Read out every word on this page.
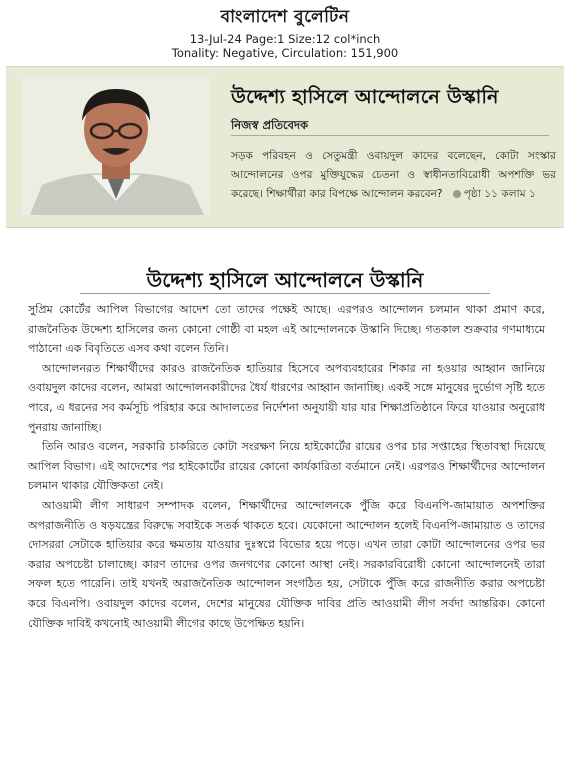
বাংলাদেশ বুলেটিন
13-Jul-24 Page:1 Size:12 col*inch
Tonality: Negative, Circulation: 151,900
উদ্দেশ্য হাসিলে আন্দোলনে উস্কানি
নিজস্ব প্রতিবেদক
সড়ক পরিবহন ও সেতুমন্ত্রী ওবায়দুল কাদের বলেছেন, কোটা সংস্কার আন্দোলনের ওপর মুক্তিযুদ্ধের চেতনা ও স্বাধীনতাবিরোধী অপশক্তি ভর করেছে। শিক্ষার্থীরা কার বিপক্ষে আন্দোলন করবেন? পৃষ্ঠা ১১ কলাম ১
উদ্দেশ্য হাসিলে আন্দোলনে উস্কানি

সুপ্রিম কোর্টের আপিল বিভাগের আদেশ তো তাদের পক্ষেই আছে। এরপরও আন্দোলন চলমান থাকা প্রমাণ করে, রাজনৈতিক উদ্দেশ্য হাসিলের জন্য কোনো গোষ্ঠী বা মহল এই আন্দোলনকে উস্কানি দিচ্ছে। গতকাল শুক্রবার গণমাধ্যমে পাঠানো এক বিবৃতিতে এসব কথা বলেন তিনি।

আন্দোলনরত শিক্ষার্থীদের কারও রাজনৈতিক হাতিয়ার হিসেবে অপব্যবহারের শিকার না হওয়ার আহ্বান জানিয়ে ওবায়দুল কাদের বলেন, আমরা আন্দোলনকারীদের ধৈর্য ধারণের আহ্বান জানাচ্ছি। একই সঙ্গে মানুষের দুর্ভোগ সৃষ্টি হতে পারে, এ ধরনের সব কর্মসূচি পরিহার করে আদালতের নির্দেশনা অনুযায়ী যার যার শিক্ষাপ্রতিষ্ঠানে ফিরে যাওয়ার অনুরোধ পুনরায় জানাচ্ছি।

তিনি আরও বলেন, সরকারি চাকরিতে কোটা সংরক্ষণ নিয়ে হাইকোর্টের রায়ের ওপর চার সপ্তাহের স্থিতাবস্থা দিয়েছে আপিল বিভাগ। এই আদেশের পর হাইকোর্টের রায়ের কোনো কার্যকারিতা বর্তমানে নেই। এরপরও শিক্ষার্থীদের আন্দোলন চলমান থাকার যৌক্তিকতা নেই।

আওয়ামী লীগ সাধারণ সম্পাদক বলেন, শিক্ষার্থীদের আন্দোলনকে পুঁজি করে বিএনপি-জামায়াত অপশক্তির অপরাজনীতি ও ষড়যন্ত্রের বিরুদ্ধে সবাইকে সতর্ক থাকতে হবে। যেকোনো আন্দোলন হলেই বিএনপি-জামায়াত ও তাদের দোসররা সেটাকে হাতিয়ার করে ক্ষমতায় যাওয়ার দুঃস্বপ্নে বিভোর হয়ে পড়ে। এখন তারা কোটা আন্দোলনের ওপর ভর করার অপচেষ্টা চালাচ্ছে। কারণ তাদের ওপর জনগণের কোনো আস্থা নেই। সরকারবিরোধী কোনো আন্দোলনেই তারা সফল হতে পারেনি। তাই যখনই অরাজনৈতিক আন্দোলন সংগঠিত হয়, সেটাকে পুঁজি করে রাজনীতি করার অপচেষ্টা করে বিএনপি। ওবায়দুল কাদের বলেন, দেশের মানুষের যৌক্তিক দাবির প্রতি আওয়ামী লীগ সর্বদা আন্তরিক। কোনো যৌক্তিক দাবিই কখনোই আওয়ামী লীগের কাছে উপেক্ষিত হয়নি।
